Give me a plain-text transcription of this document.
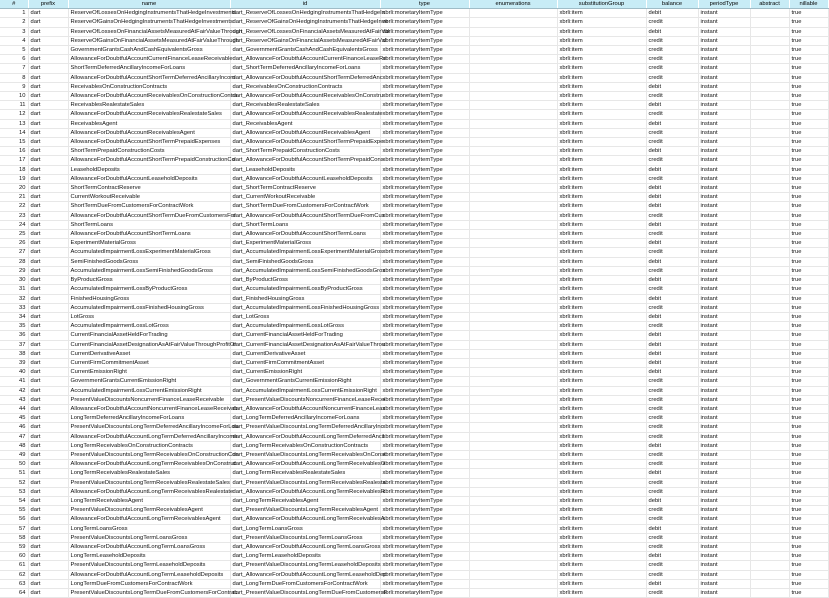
#	prefix	name	id	type	enumerations	substitutionGroup	balance	periodType	abstract	nillable
1	dart	ReserveOfLossesOnHedgingInstrumentsThatHedgeInvestments	dart_ReserveOfLossesOnHedgingInstrumentsThatHedgeIn	xbrli:monetaryItemType		xbrli:item	debit	instant		true
2	dart	ReserveOfGainsOnHedgingInstrumentsThatHedgeInvestments	dart_ReserveOfGainsOnHedgingInstrumentsThatHedgeInve	xbrli:monetaryItemType		xbrli:item	credit	instant		true
3	dart	ReserveOfLossesOnFinancialAssetsMeasuredAtFairValueThrough	dart_ReserveOfLossesOnFinancialAssetsMeasuredAtFairVal	xbrli:monetaryItemType		xbrli:item	debit	instant		true
4	dart	ReserveOfGainsOnFinancialAssetsMeasuredAtFairValueThrough	dart_ReserveOfGainsOnFinancialAssetsMeasuredAtFairVal	xbrli:monetaryItemType		xbrli:item	credit	instant		true
5	dart	GovernmentGrantsCashAndCashEquivalentsGross	dart_GovernmentGrantsCashAndCashEquivalentsGross	xbrli:monetaryItemType		xbrli:item	credit	instant		true
6	dart	AllowanceForDoubtfulAccountCurrentFinanceLeaseReceivable	dart_AllowanceForDoubtfulAccountCurrentFinanceLeaseRe	xbrli:monetaryItemType		xbrli:item	credit	instant		true
7	dart	ShortTermDeferredAncillaryIncomeForLoans	dart_ShortTermDeferredAncillaryIncomeForLoans	xbrli:monetaryItemType		xbrli:item	credit	instant		true
8	dart	AllowanceForDoubtfulAccountShortTermDeferredAncillaryIncom	dart_AllowanceForDoubtfulAccountShortTermDeferredAnc	xbrli:monetaryItemType		xbrli:item	credit	instant		true
9	dart	ReceivablesOnConstructionContracts	dart_ReceivablesOnConstructionContracts	xbrli:monetaryItemType		xbrli:item	debit	instant		true
10	dart	AllowanceForDoubtfulAccountReceivablesOnConstructionContra	dart_AllowanceForDoubtfulAccountReceivablesOnConstru	xbrli:monetaryItemType		xbrli:item	credit	instant		true
11	dart	ReceivablesRealestateSales	dart_ReceivablesRealestateSales	xbrli:monetaryItemType		xbrli:item	debit	instant		true
12	dart	AllowanceForDoubtfulAccountReceivablesRealestateSales	dart_AllowanceForDoubtfulAccountReceivablesRealestate	xbrli:monetaryItemType		xbrli:item	credit	instant		true
13	dart	ReceivablesAgent	dart_ReceivablesAgent	xbrli:monetaryItemType		xbrli:item	debit	instant		true
14	dart	AllowanceForDoubtfulAccountReceivablesAgent	dart_AllowanceForDoubtfulAccountReceivablesAgent	xbrli:monetaryItemType		xbrli:item	credit	instant		true
15	dart	AllowanceForDoubtfulAccountShortTermPrepaidExpenses	dart_AllowanceForDoubtfulAccountShortTermPrepaidExpe	xbrli:monetaryItemType		xbrli:item	credit	instant		true
16	dart	ShortTermPrepaidConstructionCosts	dart_ShortTermPrepaidConstructionCosts	xbrli:monetaryItemType		xbrli:item	debit	instant		true
17	dart	AllowanceForDoubtfulAccountShortTermPrepaidConstructionCo	dart_AllowanceForDoubtfulAccountShortTermPrepaidCons	xbrli:monetaryItemType		xbrli:item	credit	instant		true
18	dart	LeaseholdDeposits	dart_LeaseholdDeposits	xbrli:monetaryItemType		xbrli:item	debit	instant		true
19	dart	AllowanceForDoubtfulAccountLeaseholdDeposits	dart_AllowanceForDoubtfulAccountLeaseholdDeposits	xbrli:monetaryItemType		xbrli:item	credit	instant		true
20	dart	ShortTermContractReserve	dart_ShortTermContractReserve	xbrli:monetaryItemType		xbrli:item	debit	instant		true
21	dart	CurrentWorkoutReceivable	dart_CurrentWorkoutReceivable	xbrli:monetaryItemType		xbrli:item	debit	instant		true
22	dart	ShortTermDueFromCustomersForContractWork	dart_ShortTermDueFromCustomersForContractWork	xbrli:monetaryItemType		xbrli:item	debit	instant		true
23	dart	AllowanceForDoubtfulAccountShortTermDueFromCustomersFor	dart_AllowanceForDoubtfulAccountShortTermDueFromCus	xbrli:monetaryItemType		xbrli:item	credit	instant		true
24	dart	ShortTermLoans	dart_ShortTermLoans	xbrli:monetaryItemType		xbrli:item	debit	instant		true
25	dart	AllowanceForDoubtfulAccountShortTermLoans	dart_AllowanceForDoubtfulAccountShortTermLoans	xbrli:monetaryItemType		xbrli:item	credit	instant		true
26	dart	ExperimentMaterialGross	dart_ExperimentMaterialGross	xbrli:monetaryItemType		xbrli:item	debit	instant		true
27	dart	AccumulatedImpairmentLossExperimentMaterialGross	dart_AccumulatedImpairmentLossExperimentMaterialGros	xbrli:monetaryItemType		xbrli:item	credit	instant		true
28	dart	SemiFinishedGoodsGross	dart_SemiFinishedGoodsGross	xbrli:monetaryItemType		xbrli:item	debit	instant		true
29	dart	AccumulatedImpairmentLossSemiFinishedGoodsGross	dart_AccumulatedImpairmentLossSemiFinishedGoodsGros	xbrli:monetaryItemType		xbrli:item	credit	instant		true
30	dart	ByProductGross	dart_ByProductGross	xbrli:monetaryItemType		xbrli:item	debit	instant		true
31	dart	AccumulatedImpairmentLossByProductGross	dart_AccumulatedImpairmentLossByProductGross	xbrli:monetaryItemType		xbrli:item	credit	instant		true
32	dart	FinishedHousingGross	dart_FinishedHousingGross	xbrli:monetaryItemType		xbrli:item	debit	instant		true
33	dart	AccumulatedImpairmentLossFinishedHousingGross	dart_AccumulatedImpairmentLossFinishedHousingGross	xbrli:monetaryItemType		xbrli:item	credit	instant		true
34	dart	LotGross	dart_LotGross	xbrli:monetaryItemType		xbrli:item	debit	instant		true
35	dart	AccumulatedImpairmentLossLotGross	dart_AccumulatedImpairmentLossLotGross	xbrli:monetaryItemType		xbrli:item	credit	instant		true
36	dart	CurrentFinancialAssetHeldForTrading	dart_CurrentFinancialAssetHeldForTrading	xbrli:monetaryItemType		xbrli:item	debit	instant		true
37	dart	CurrentFinancialAssetDesignationAsAtFairValueThroughProfitOr	dart_CurrentFinancialAssetDesignationAsAtFairValueThrou	xbrli:monetaryItemType		xbrli:item	debit	instant		true
38	dart	CurrentDerivativeAsset	dart_CurrentDerivativeAsset	xbrli:monetaryItemType		xbrli:item	debit	instant		true
39	dart	CurrentFirmCommitmentAsset	dart_CurrentFirmCommitmentAsset	xbrli:monetaryItemType		xbrli:item	debit	instant		true
40	dart	CurrentEmissionRight	dart_CurrentEmissionRight	xbrli:monetaryItemType		xbrli:item	debit	instant		true
41	dart	GovernmentGrantsCurrentEmissionRight	dart_GovernmentGrantsCurrentEmissionRight	xbrli:monetaryItemType		xbrli:item	credit	instant		true
42	dart	AccumulatedImpairmentLossCurrentEmissionRight	dart_AccumulatedImpairmentLossCurrentEmissionRight	xbrli:monetaryItemType		xbrli:item	credit	instant		true
43	dart	PresentValueDiscountsNoncurrentFinanceLeaseReceivable	dart_PresentValueDiscountsNoncurrentFinanceLeaseRecei	xbrli:monetaryItemType		xbrli:item	credit	instant		true
44	dart	AllowanceForDoubtfulAccountNoncurrentFinanceLeaseReceivab	dart_AllowanceForDoubtfulAccountNoncurrentFinanceLeas	xbrli:monetaryItemType		xbrli:item	credit	instant		true
45	dart	LongTermDeferredAncillaryIncomeForLoans	dart_LongTermDeferredAncillaryIncomeForLoans	xbrli:monetaryItemType		xbrli:item	credit	instant		true
46	dart	PresentValueDiscountsLongTermDeferredAncillaryIncomeForLoa	dart_PresentValueDiscountsLongTermDeferredAncillaryInc	xbrli:monetaryItemType		xbrli:item	credit	instant		true
47	dart	AllowanceForDoubtfulAccountLongTermDeferredAncillaryIncome	dart_AllowanceForDoubtfulAccountLongTermDeferredAncil	xbrli:monetaryItemType		xbrli:item	credit	instant		true
48	dart	LongTermReceivablesOnConstructionContracts	dart_LongTermReceivablesOnConstructionContracts	xbrli:monetaryItemType		xbrli:item	debit	instant		true
49	dart	PresentValueDiscountsLongTermReceivablesOnConstructionCon	dart_PresentValueDiscountsLongTermReceivablesOnConst	xbrli:monetaryItemType		xbrli:item	credit	instant		true
50	dart	AllowanceForDoubtfulAccountLongTermReceivablesOnConstruc	dart_AllowanceForDoubtfulAccountLongTermReceivablesO	xbrli:monetaryItemType		xbrli:item	credit	instant		true
51	dart	LongTermReceivablesRealestateSales	dart_LongTermReceivablesRealestateSales	xbrli:monetaryItemType		xbrli:item	debit	instant		true
52	dart	PresentValueDiscountsLongTermReceivablesRealestateSales	dart_PresentValueDiscountsLongTermReceivablesRealesta	xbrli:monetaryItemType		xbrli:item	credit	instant		true
53	dart	AllowanceForDoubtfulAccountLongTermReceivablesRealestate	dart_AllowanceForDoubtfulAccountLongTermReceivablesR	xbrli:monetaryItemType		xbrli:item	credit	instant		true
54	dart	LongTermReceivablesAgent	dart_LongTermReceivablesAgent	xbrli:monetaryItemType		xbrli:item	debit	instant		true
55	dart	PresentValueDiscountsLongTermReceivablesAgent	dart_PresentValueDiscountsLongTermReceivablesAgent	xbrli:monetaryItemType		xbrli:item	credit	instant		true
56	dart	AllowanceForDoubtfulAccountLongTermReceivablesAgent	dart_AllowanceForDoubtfulAccountLongTermReceivablesA	xbrli:monetaryItemType		xbrli:item	credit	instant		true
57	dart	LongTermLoansGross	dart_LongTermLoansGross	xbrli:monetaryItemType		xbrli:item	debit	instant		true
58	dart	PresentValueDiscountsLongTermLoansGross	dart_PresentValueDiscountsLongTermLoansGross	xbrli:monetaryItemType		xbrli:item	credit	instant		true
59	dart	AllowanceForDoubtfulAccountLongTermLoansGross	dart_AllowanceForDoubtfulAccountLongTermLoansGross	xbrli:monetaryItemType		xbrli:item	credit	instant		true
60	dart	LongTermLeaseholdDeposits	dart_LongTermLeaseholdDeposits	xbrli:monetaryItemType		xbrli:item	debit	instant		true
61	dart	PresentValueDiscountsLongTermLeaseholdDeposits	dart_PresentValueDiscountsLongTermLeaseholdDeposits	xbrli:monetaryItemType		xbrli:item	credit	instant		true
62	dart	AllowanceForDoubtfulAccountLongTermLeaseholdDeposits	dart_AllowanceForDoubtfulAccountLongTermLeaseholdDep	xbrli:monetaryItemType		xbrli:item	credit	instant		true
63	dart	LongTermDueFromCustomersForContractWork	dart_LongTermDueFromCustomersForContractWork	xbrli:monetaryItemType		xbrli:item	debit	instant		true
64	dart	PresentValueDiscountsLongTermDueFromCustomersForContrac	dart_PresentValueDiscountsLongTermDueFromCustomersF	xbrli:monetaryItemType		xbrli:item	credit	instant		true
